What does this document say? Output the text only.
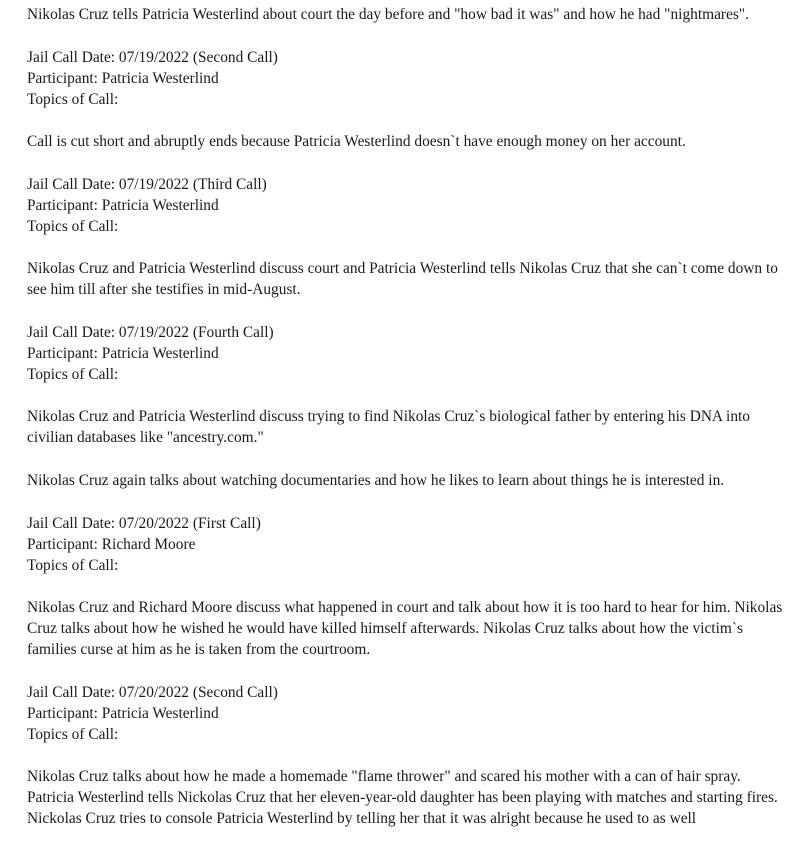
Nikolas Cruz tells Patricia Westerlind about court the day before and "how bad it was" and how he had "nightmares".

Jail Call Date: 07/19/2022 (Second Call)
Participant: Patricia Westerlind
Topics of Call:

Call is cut short and abruptly ends because Patricia Westerlind doesn`t have enough money on her account.

Jail Call Date: 07/19/2022 (Third Call)
Participant: Patricia Westerlind
Topics of Call:

Nikolas Cruz and Patricia Westerlind discuss court and Patricia Westerlind tells Nikolas Cruz that she can`t come down to see him till after she testifies in mid-August.

Jail Call Date: 07/19/2022 (Fourth Call)
Participant: Patricia Westerlind
Topics of Call:

Nikolas Cruz and Patricia Westerlind discuss trying to find Nikolas Cruz`s biological father by entering his DNA into civilian databases like "ancestry.com."

Nikolas Cruz again talks about watching documentaries and how he likes to learn about things he is interested in.

Jail Call Date: 07/20/2022 (First Call)
Participant: Richard Moore
Topics of Call:

Nikolas Cruz and Richard Moore discuss what happened in court and talk about how it is too hard to hear for him. Nikolas Cruz talks about how he wished he would have killed himself afterwards. Nikolas Cruz talks about how the victim`s families curse at him as he is taken from the courtroom.

Jail Call Date: 07/20/2022 (Second Call)
Participant: Patricia Westerlind
Topics of Call:

Nikolas Cruz talks about how he made a homemade "flame thrower" and scared his mother with a can of hair spray. Patricia Westerlind tells Nickolas Cruz that her eleven-year-old daughter has been playing with matches and starting fires. Nickolas Cruz tries to console Patricia Westerlind by telling her that it was alright because he used to as well
